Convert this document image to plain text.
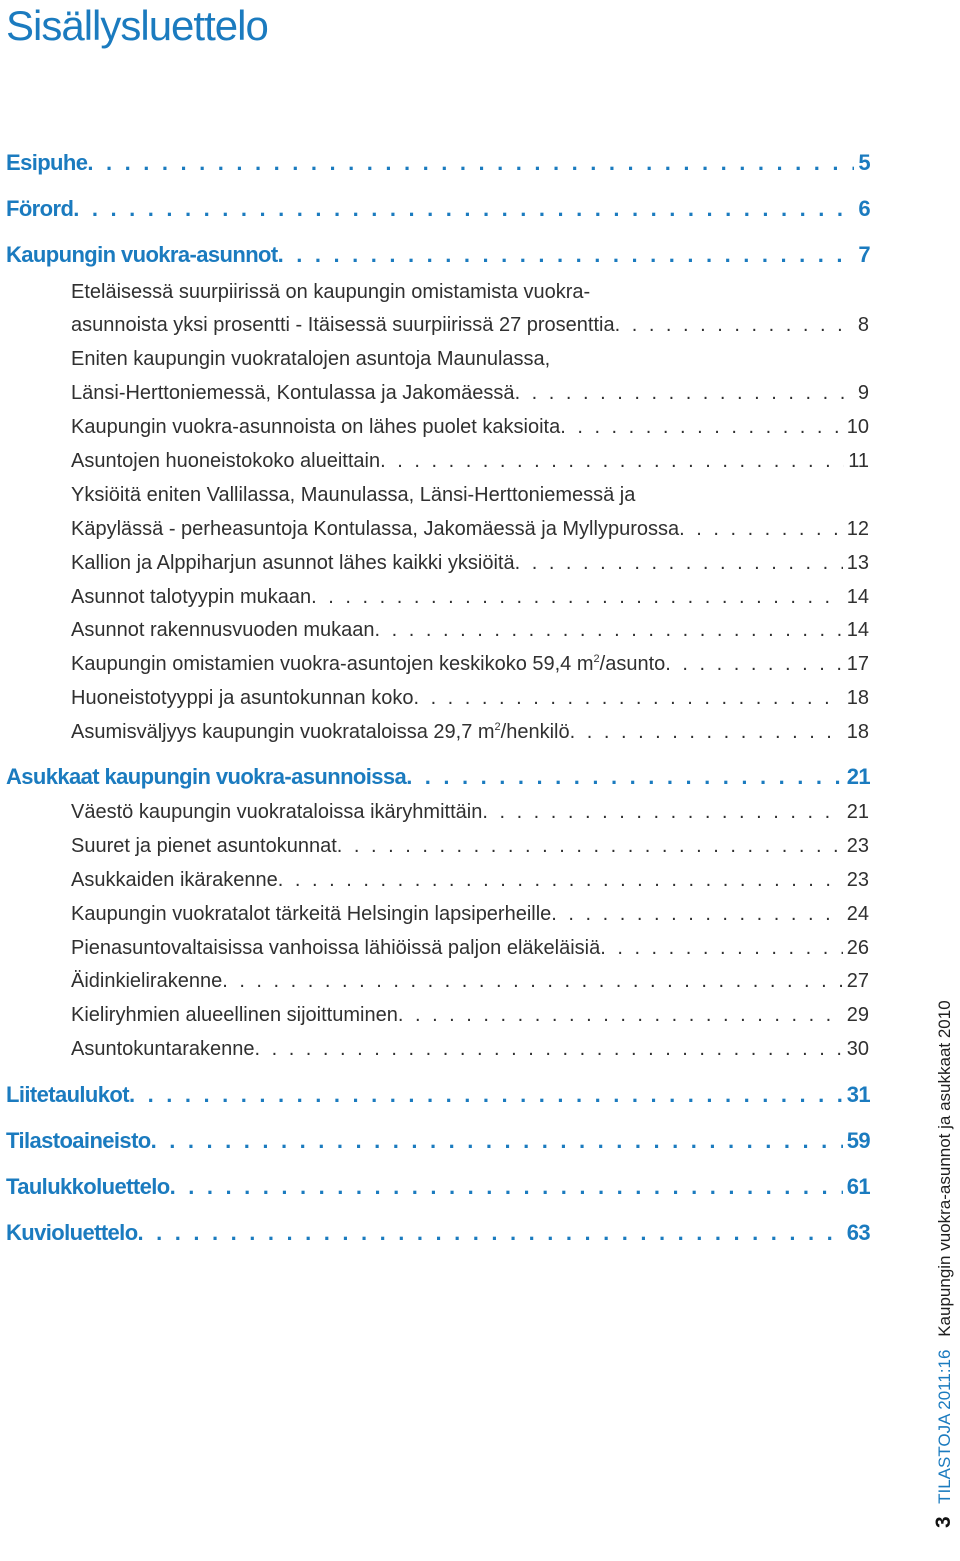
Sisällysluettelo
Esipuhe . . .	5
Förord . . .	6
Kaupungin vuokra-asunnot . . .	7
Eteläisessä suurpiirissä on kaupungin omistamista vuokra-
asunnoista yksi prosentti - Itäisessä suurpiirissä 27 prosenttia . . .	8
Eniten kaupungin vuokratalojen asuntoja Maunulassa,
Länsi-Herttoniemessä, Kontulassa ja Jakomäessä . . .	9
Kaupungin vuokra-asunnoista on lähes puolet kaksioita . . .	10
Asuntojen huoneistokoko alueittain . . .	11
Yksiöitä eniten Vallilassa, Maunulassa, Länsi-Herttoniemessä ja
Käpylässä - perheasuntoja Kontulassa, Jakomäessä ja Myllypurossa . . .	12
Kallion ja Alppiharjun asunnot lähes kaikki yksiöitä . . .	13
Asunnot talotyypin mukaan . . .	14
Asunnot rakennusvuoden mukaan . . .	14
Kaupungin omistamien vuokra-asuntojen keskikoko 59,4 $m^2$/asunto . . .	17
Huoneistotyyppi ja asuntokunnan koko . . .	18
Asumisväljyys kaupungin vuokrataloissa 29,7 $m^2$/henkilö . . .	18
Asukkaat kaupungin vuokra-asunnoissa . . .	21
Väestö kaupungin vuokrataloissa ikäryhmittäin . . .	21
Suuret ja pienet asuntokunnat . . .	23
Asukkaiden ikärakenne . . .	23
Kaupungin vuokratalot tärkeitä Helsingin lapsiperheille . . .	24
Pienasuntovaltaisissa vanhoissa lähiöissä paljon eläkeläisiä . . .	26
Äidinkielirakenne . . .	27
Kieliryhmien alueellinen sijoittuminen . . .	29
Asuntokuntarakenne . . .	30
Liitetaulukot . . .	31
Tilastoaineisto . . .	59
Taulukkoluettelo . . .	61
Kuvioluettelo . . .	63
3 TILASTOJA 2011:16 Kaupungin vuokra-asunnot ja asukkaat 2010
